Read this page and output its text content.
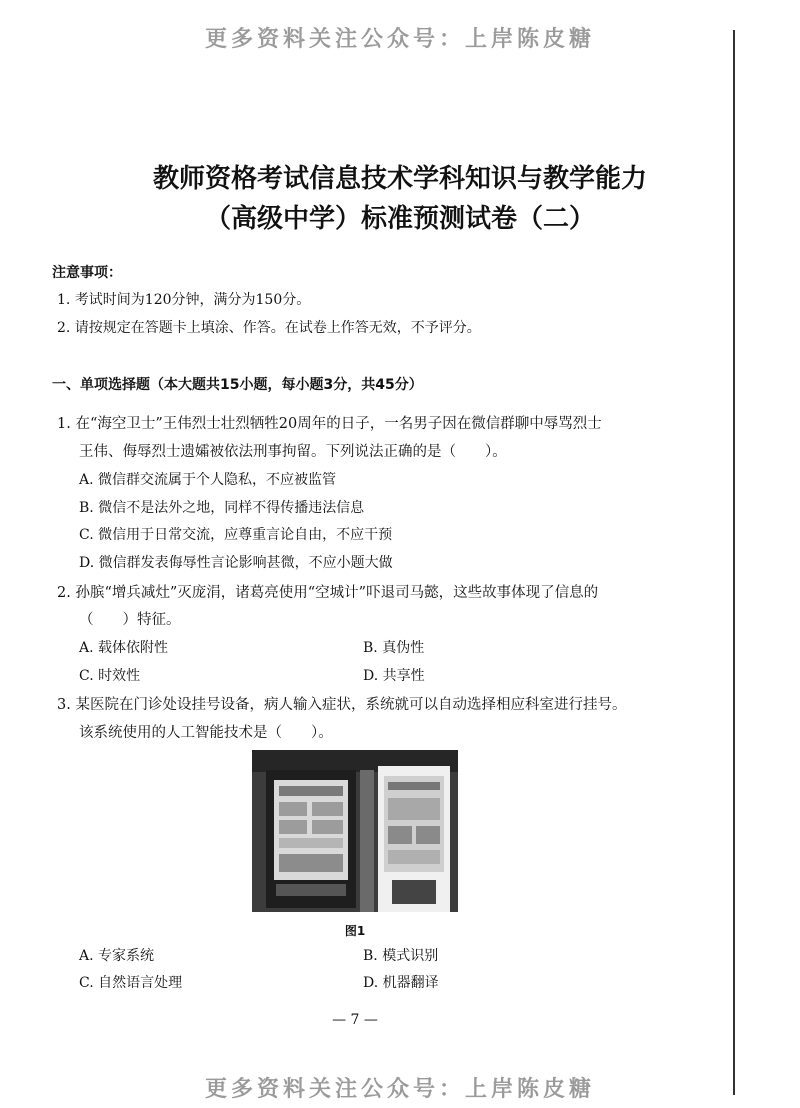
更多资料关注公众号：上岸陈皮糖

更多资料关注公众号：上岸陈皮糖

教师资格考试信息技术学科知识与教学能力
（高级中学）标准预测试卷（二）

注意事项：

1. 考试时间为120分钟，满分为150分。

2. 请按规定在答题卡上填涂、作答。在试卷上作答无效，不予评分。

一、单项选择题（本大题共15小题，每小题3分，共45分）

1. 在“海空卫士”王伟烈士壮烈牺牲20周年的日子，一名男子因在微信群聊中辱骂烈士

王伟、侮辱烈士遗孀被依法刑事拘留。下列说法正确的是（　　）。

A. 微信群交流属于个人隐私，不应被监管

B. 微信不是法外之地，同样不得传播违法信息

C. 微信用于日常交流，应尊重言论自由，不应干预

D. 微信群发表侮辱性言论影响甚微，不应小题大做

2. 孙膑“增兵减灶”灭庞涓，诸葛亮使用“空城计”吓退司马懿，这些故事体现了信息的

（　　）特征。

A. 载体依附性	B. 真伪性

C. 时效性	D. 共享性

3. 某医院在门诊处设挂号设备，病人输入症状，系统就可以自动选择相应科室进行挂号。

该系统使用的人工智能技术是（　　）。

图1

A. 专家系统	B. 模式识别

C. 自然语言处理	D. 机器翻译

— 7 —
